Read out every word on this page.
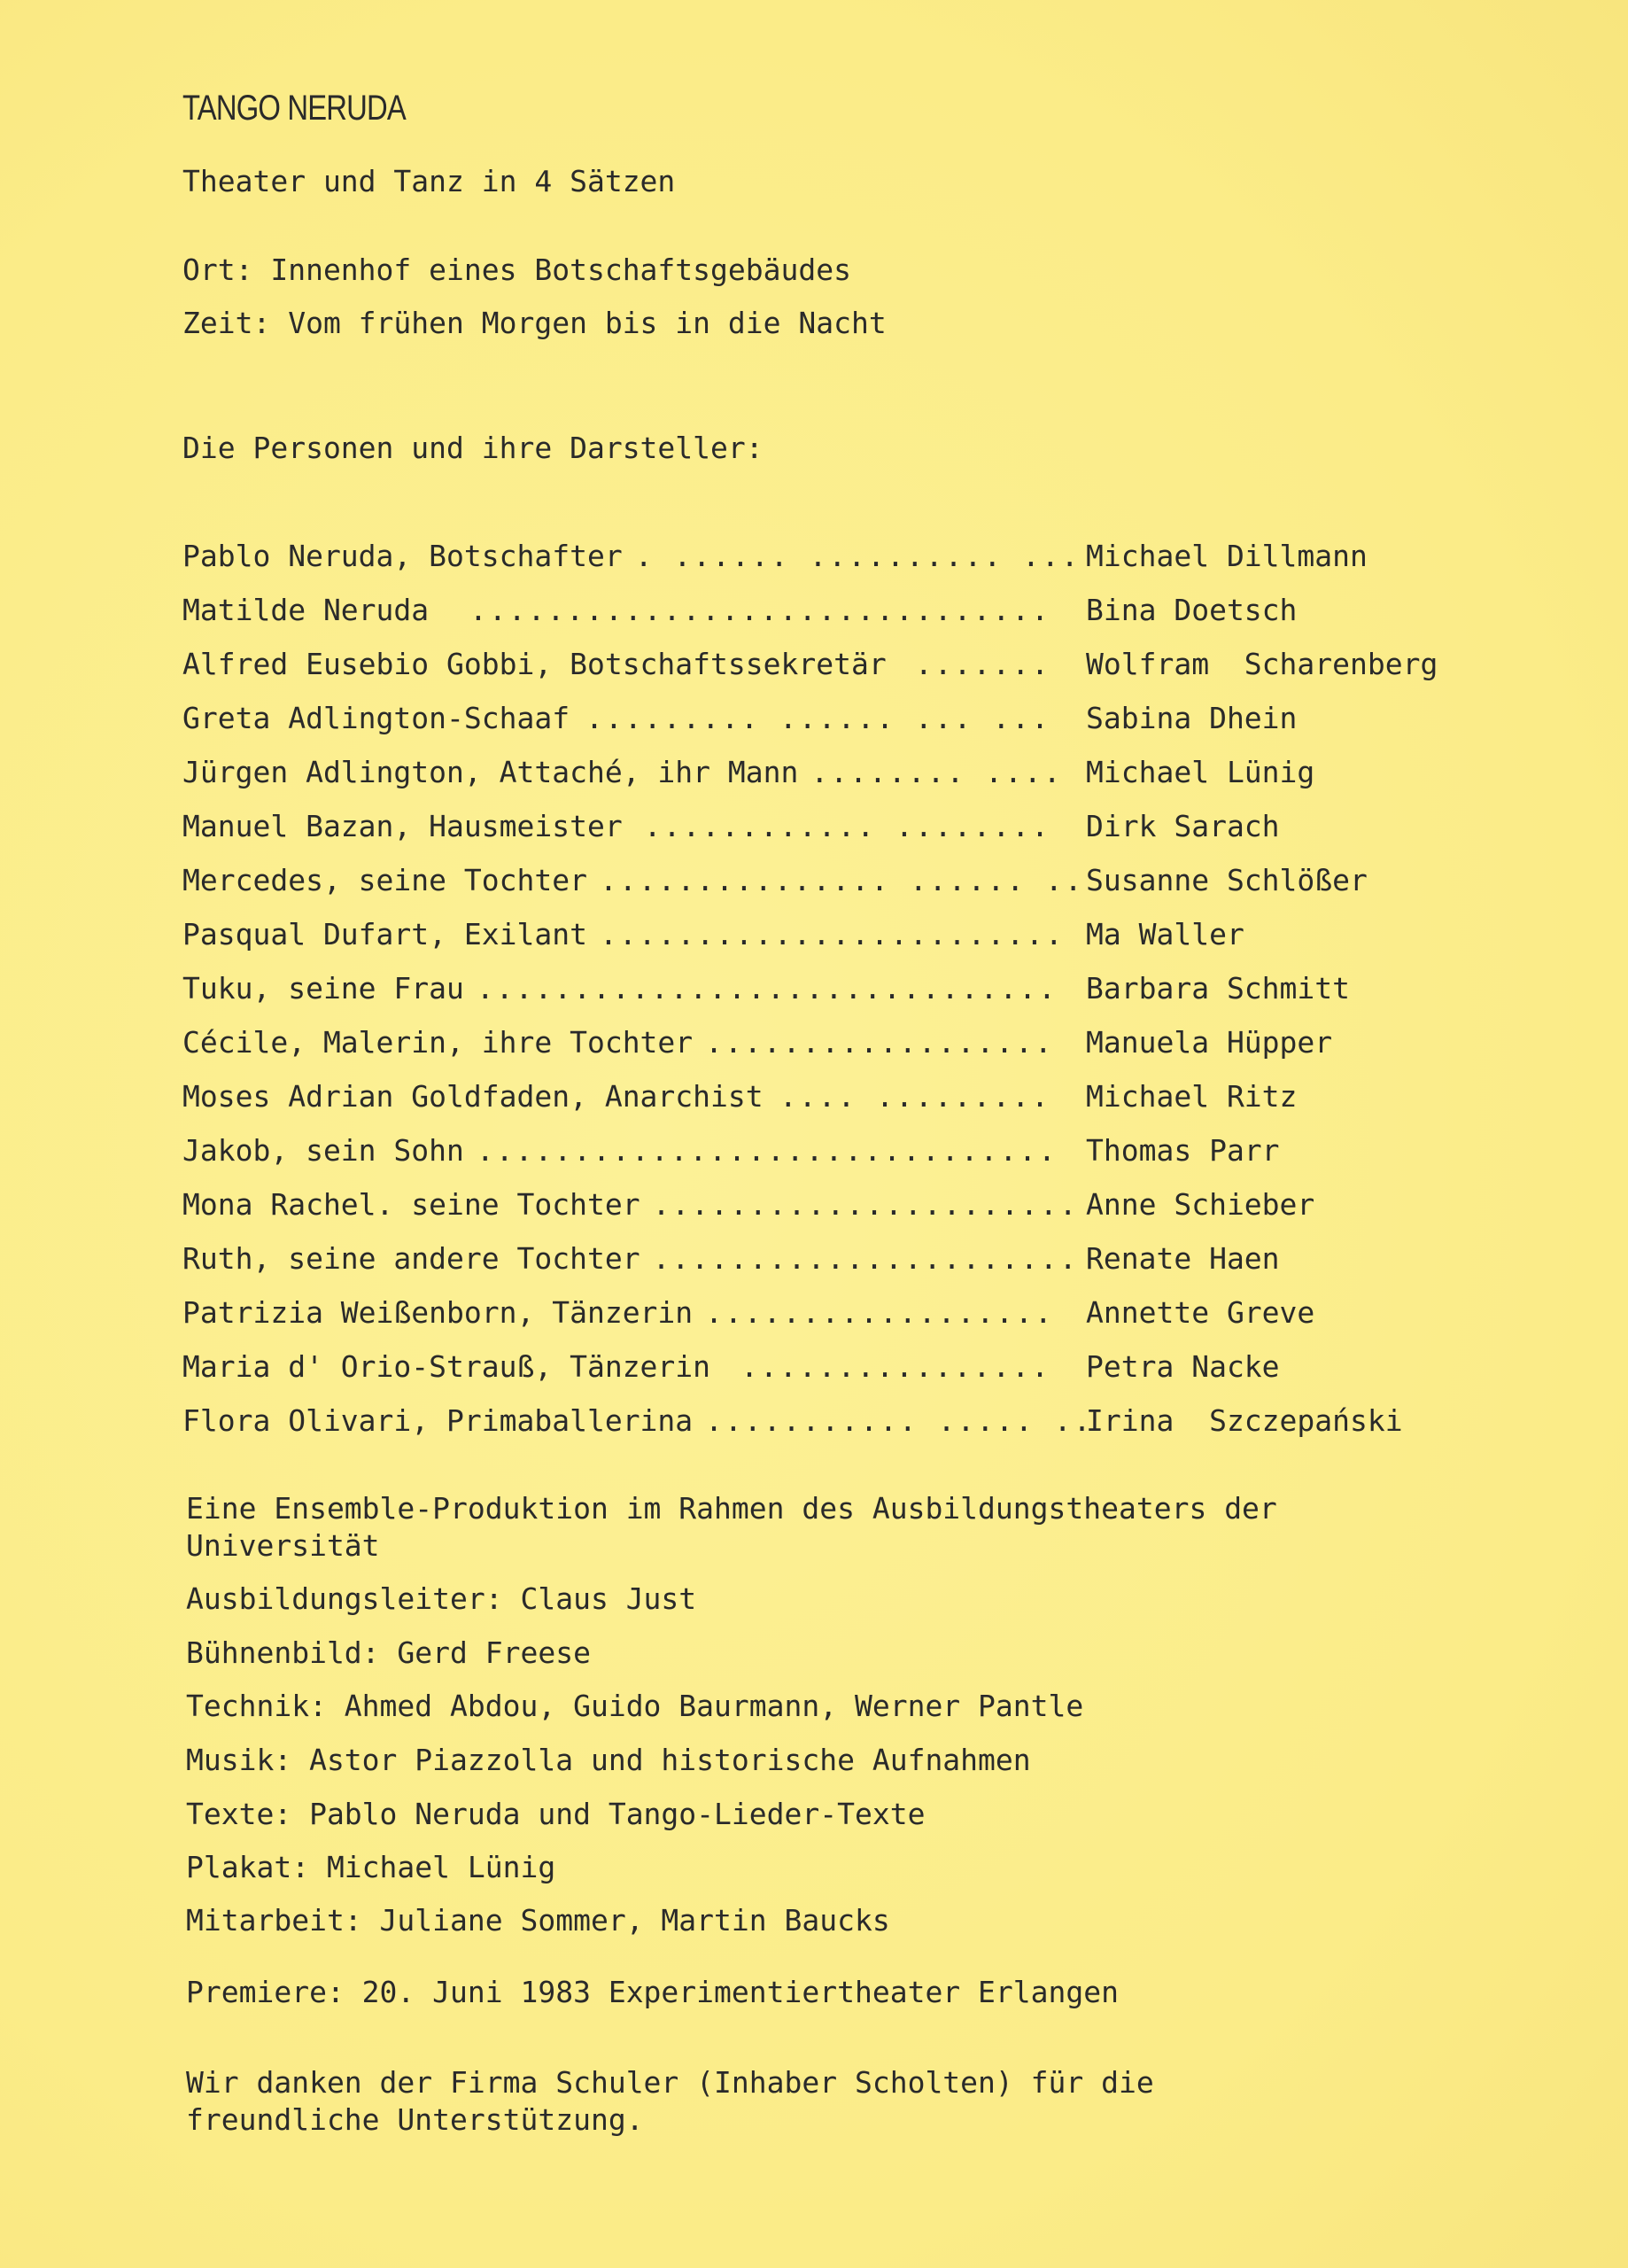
TANGO NERUDA
Theater und Tanz in 4 Sätzen
Ort: Innenhof eines Botschaftsgebäudes
Zeit: Vom frühen Morgen bis in die Nacht
Die Personen und ihre Darsteller:
. ...... .......... ...
Pablo Neruda, Botschafter	Michael Dillmann
..............................
Matilde Neruda	Bina Doetsch
.......
Alfred Eusebio Gobbi, Botschaftssekretär	Wolfram  Scharenberg
......... ...... ... ...
Greta Adlington-Schaaf	Sabina Dhein
........ ....
Jürgen Adlington, Attaché, ihr Mann	Michael Lünig
............ ........
Manuel Bazan, Hausmeister	Dirk Sarach
............... ...... ..
Mercedes, seine Tochter	Susanne Schlößer
........................
Pasqual Dufart, Exilant	Ma Waller
..............................
Tuku, seine Frau	Barbara Schmitt
..................
Cécile, Malerin, ihre Tochter	Manuela Hüpper
.... .........
Moses Adrian Goldfaden, Anarchist	Michael Ritz
..............................
Jakob, sein Sohn	Thomas Parr
......................
Mona Rachel. seine Tochter	Anne Schieber
......................
Ruth, seine andere Tochter	Renate Haen
..................
Patrizia Weißenborn, Tänzerin	Annette Greve
................
Maria d' Orio-Strauß, Tänzerin	Petra Nacke
........... ..... ..
Flora Olivari, Primaballerina	Irina  Szczepański
Eine Ensemble-Produktion im Rahmen des Ausbildungstheaters der Universität
Ausbildungsleiter: Claus Just
Bühnenbild: Gerd Freese
Technik: Ahmed Abdou, Guido Baurmann, Werner Pantle
Musik: Astor Piazzolla und historische Aufnahmen
Texte: Pablo Neruda und Tango-Lieder-Texte
Plakat: Michael Lünig
Mitarbeit: Juliane Sommer, Martin Baucks
Premiere: 20. Juni 1983 Experimentiertheater Erlangen
Wir danken der Firma Schuler (Inhaber Scholten) für die freundliche Unterstützung.
